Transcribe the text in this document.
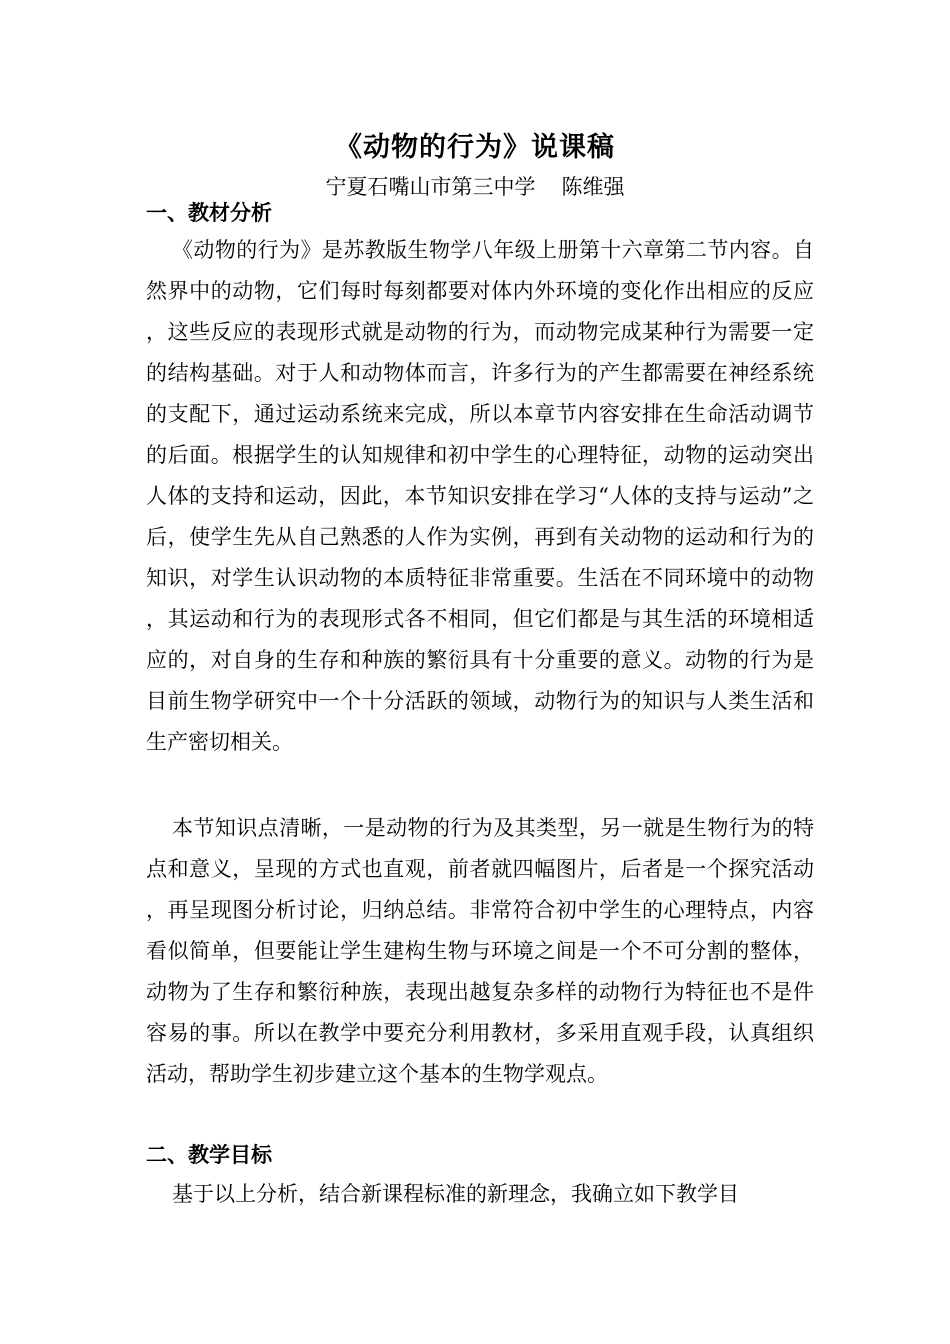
《动物的行为》说课稿
宁夏石嘴山市第三中学 陈维强
一、教材分析

《动物的行为》是苏教版生物学八年级上册第十六章第二节内容。自然界中的动物，它们每时每刻都要对体内外环境的变化作出相应的反应，这些反应的表现形式就是动物的行为，而动物完成某种行为需要一定的结构基础。对于人和动物体而言，许多行为的产生都需要在神经系统的支配下，通过运动系统来完成，所以本章节内容安排在生命活动调节的后面。根据学生的认知规律和初中学生的心理特征，动物的运动突出人体的支持和运动，因此，本节知识安排在学习“人体的支持与运动”之后，使学生先从自己熟悉的人作为实例，再到有关动物的运动和行为的知识，对学生认识动物的本质特征非常重要。生活在不同环境中的动物，其运动和行为的表现形式各不相同，但它们都是与其生活的环境相适应的，对自身的生存和种族的繁衍具有十分重要的意义。动物的行为是目前生物学研究中一个十分活跃的领域，动物行为的知识与人类生活和生产密切相关。

本节知识点清晰，一是动物的行为及其类型，另一就是生物行为的特点和意义，呈现的方式也直观，前者就四幅图片，后者是一个探究活动，再呈现图分析讨论，归纳总结。非常符合初中学生的心理特点，内容看似简单，但要能让学生建构生物与环境之间是一个不可分割的整体，动物为了生存和繁衍种族，表现出越复杂多样的动物行为特征也不是件容易的事。所以在教学中要充分利用教材，多采用直观手段，认真组织活动，帮助学生初步建立这个基本的生物学观点。

二、教学目标

基于以上分析，结合新课程标准的新理念，我确立如下教学目
